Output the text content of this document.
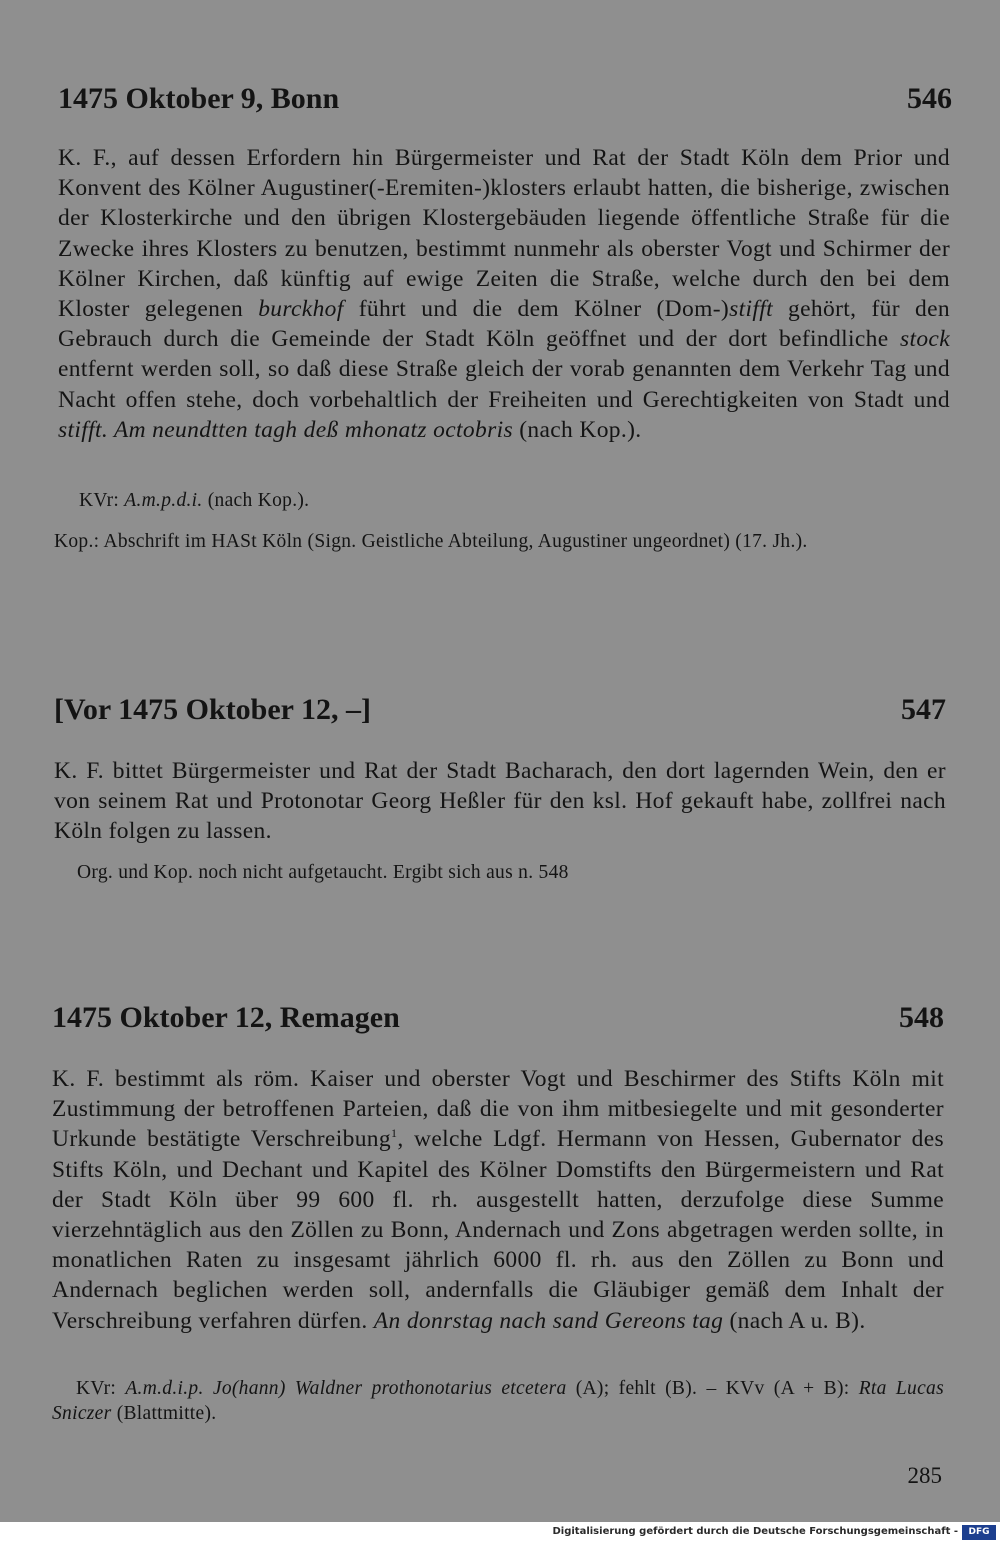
1475 Oktober 9, Bonn	546
K. F., auf dessen Erfordern hin Bürgermeister und Rat der Stadt Köln dem Prior und Konvent des Kölner Augustiner(-Eremiten-)klosters erlaubt hatten, die bisherige, zwischen der Klosterkirche und den übrigen Klostergebäuden liegende öffentliche Straße für die Zwecke ihres Klosters zu benutzen, bestimmt nunmehr als oberster Vogt und Schirmer der Kölner Kirchen, daß künftig auf ewige Zeiten die Straße, welche durch den bei dem Kloster gelegenen burckhof führt und die dem Kölner (Dom-)stifft gehört, für den Gebrauch durch die Gemeinde der Stadt Köln geöffnet und der dort befindliche stock entfernt werden soll, so daß diese Straße gleich der vorab genannten dem Verkehr Tag und Nacht offen stehe, doch vorbehaltlich der Freiheiten und Gerechtigkeiten von Stadt und stifft. Am neundtten tagh deß mhonatz octobris (nach Kop.).
KVr: A.m.p.d.i. (nach Kop.).
Kop.: Abschrift im HASt Köln (Sign. Geistliche Abteilung, Augustiner ungeordnet) (17. Jh.).
[Vor 1475 Oktober 12, –]	547
K. F. bittet Bürgermeister und Rat der Stadt Bacharach, den dort lagernden Wein, den er von seinem Rat und Protonotar Georg Heßler für den ksl. Hof gekauft habe, zollfrei nach Köln folgen zu lassen.
Org. und Kop. noch nicht aufgetaucht. Ergibt sich aus n. 548
1475 Oktober 12, Remagen	548
K. F. bestimmt als röm. Kaiser und oberster Vogt und Beschirmer des Stifts Köln mit Zustimmung der betroffenen Parteien, daß die von ihm mitbesiegelte und mit gesonderter Urkunde bestätigte Verschreibung$^1$, welche Ldgf. Hermann von Hessen, Gubernator des Stifts Köln, und Dechant und Kapitel des Kölner Domstifts den Bürgermeistern und Rat der Stadt Köln über 99 600 fl. rh. ausgestellt hatten, derzufolge diese Summe vierzehntäglich aus den Zöllen zu Bonn, Andernach und Zons abgetragen werden sollte, in monatlichen Raten zu insgesamt jährlich 6000 fl. rh. aus den Zöllen zu Bonn und Andernach beglichen werden soll, andernfalls die Gläubiger gemäß dem Inhalt der Verschreibung verfahren dürfen. An donrstag nach sand Gereons tag (nach A u. B).
KVr: A.m.d.i.p. Jo(hann) Waldner prothonotarius etcetera (A); fehlt (B). – KVv (A + B): Rta Lucas Sniczer (Blattmitte).
285
Digitalisierung gefördert durch die Deutsche Forschungsgemeinschaft -	DFG
